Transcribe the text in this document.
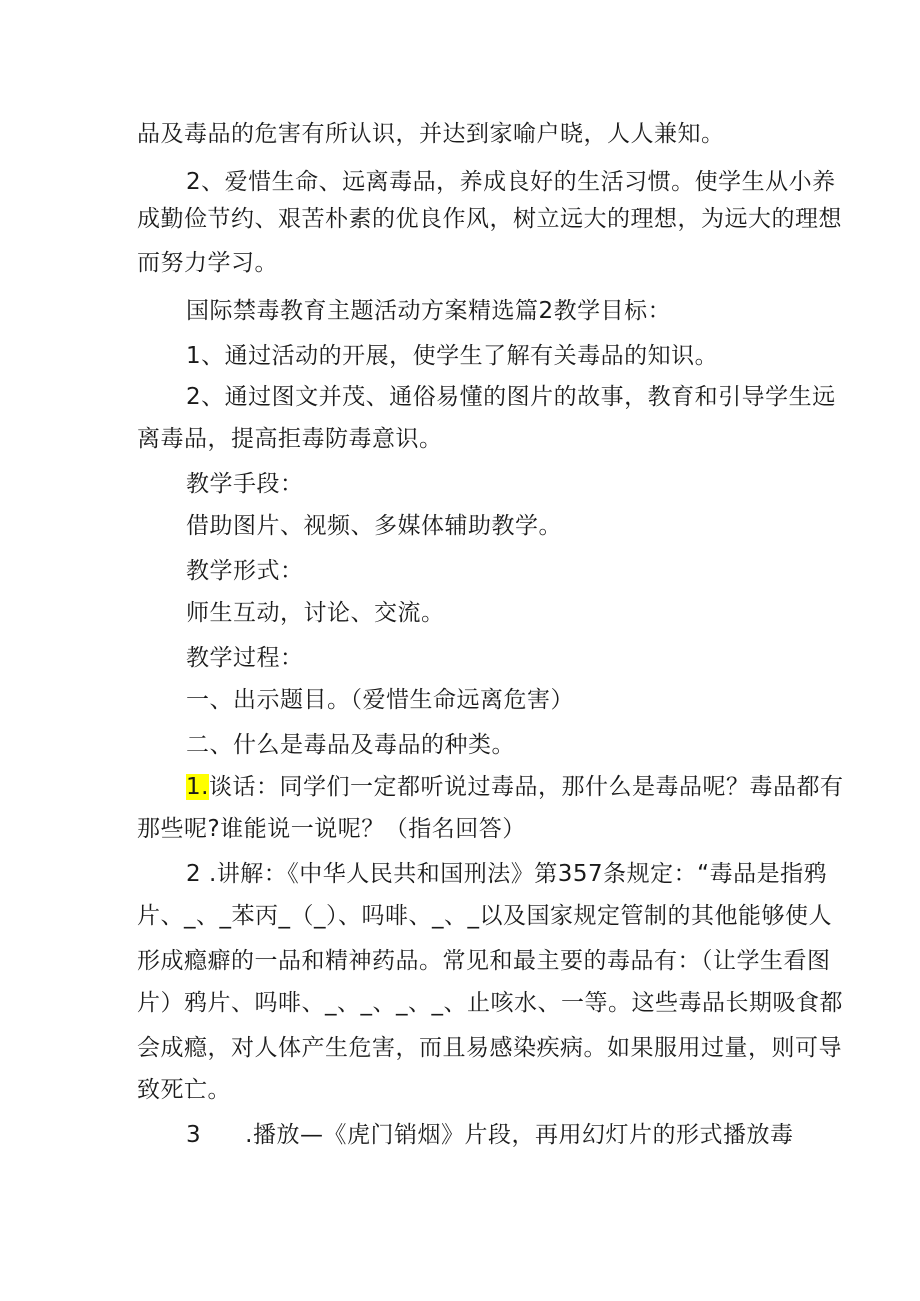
品及毒品的危害有所认识，并达到家喻户晓，人人兼知。
2、爱惜生命、远离毒品，养成良好的生活习惯。使学生从小养
成勤俭节约、艰苦朴素的优良作风，树立远大的理想，为远大的理想
而努力学习。
国际禁毒教育主题活动方案精选篇2教学目标：
1、通过活动的开展，使学生了解有关毒品的知识。
2、通过图文并茂、通俗易懂的图片的故事，教育和引导学生远
离毒品，提高拒毒防毒意识。
教学手段：
借助图片、视频、多媒体辅助教学。
教学形式：
师生互动，讨论、交流。
教学过程：
一、出示题目。（爱惜生命远离危害）
二、什么是毒品及毒品的种类。
1.谈话：同学们一定都听说过毒品，那什么是毒品呢？毒品都有
那些呢?谁能说一说呢？（指名回答）
2 .讲解：《中华人民共和国刑法》第357条规定：“毒品是指鸦
片、_、_苯丙_（_）、吗啡、_、_以及国家规定管制的其他能够使人
形成瘾癖的一品和精神药品。常见和最主要的毒品有：（让学生看图
片）鸦片、吗啡、_、_、_、_、止咳水、一等。这些毒品长期吸食都
会成瘾，对人体产生危害，而且易感染疾病。如果服用过量，则可导
致死亡。
3 .播放—《虎门销烟》片段，再用幻灯片的形式播放毒
